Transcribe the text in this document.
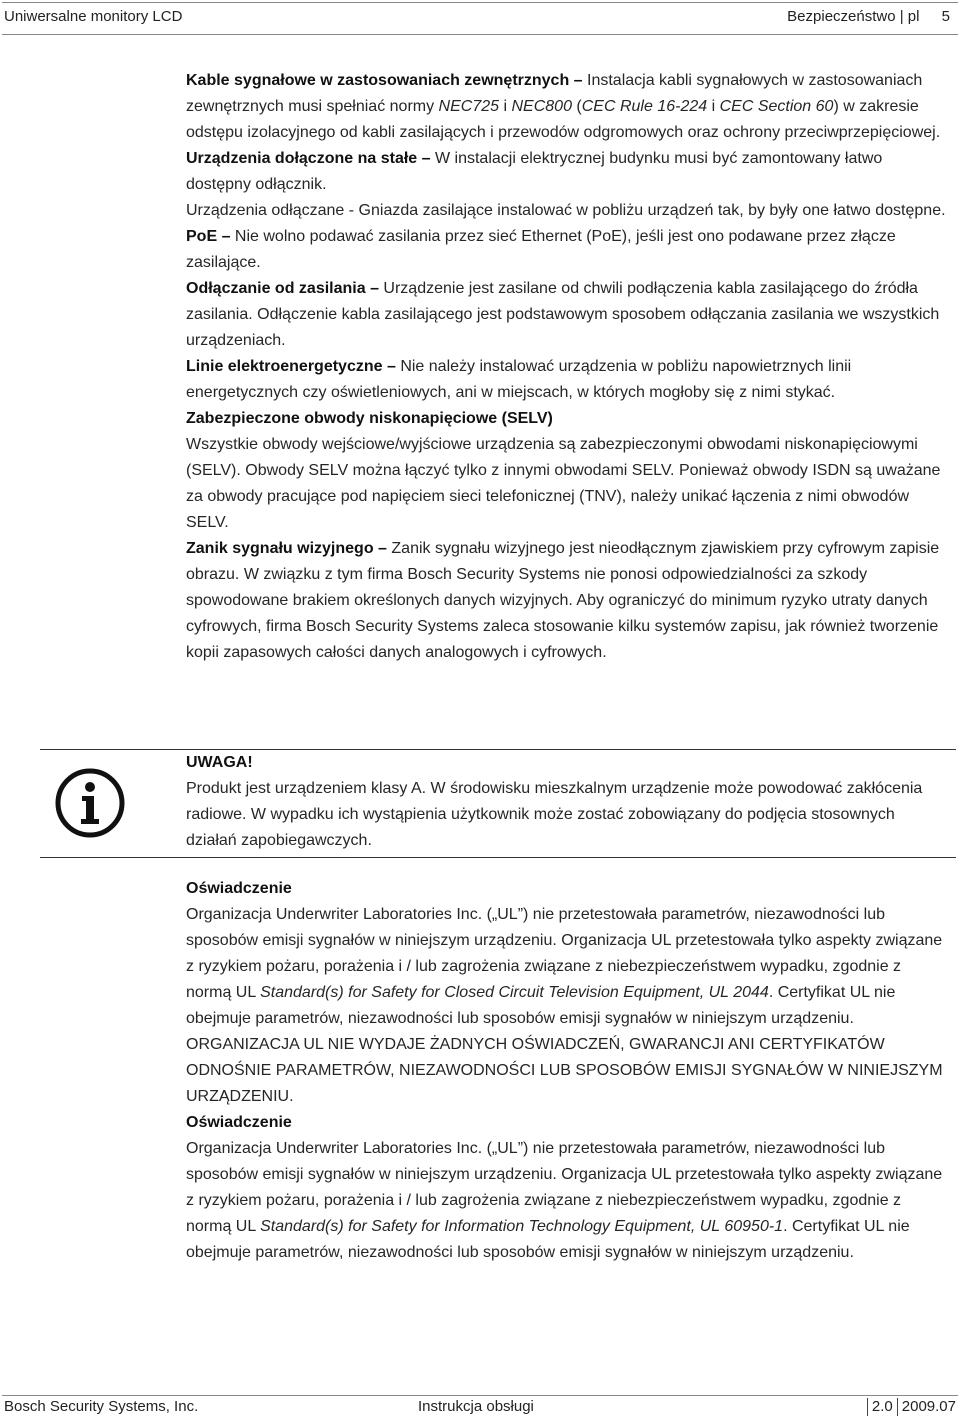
Uniwersalne monitory LCD	Bezpieczeństwo | pl 5

Kable sygnałowe w zastosowaniach zewnętrznych – Instalacja kabli sygnałowych w zastosowaniach zewnętrznych musi spełniać normy NEC725 i NEC800 (CEC Rule 16-224 i CEC Section 60) w zakresie odstępu izolacyjnego od kabli zasilających i przewodów odgromowych oraz ochrony przeciwprzepięciowej.

Urządzenia dołączone na stałe – W instalacji elektrycznej budynku musi być zamontowany łatwo dostępny odłącznik.

Urządzenia odłączane - Gniazda zasilające instalować w pobliżu urządzeń tak, by były one łatwo dostępne.

PoE – Nie wolno podawać zasilania przez sieć Ethernet (PoE), jeśli jest ono podawane przez złącze zasilające.

Odłączanie od zasilania – Urządzenie jest zasilane od chwili podłączenia kabla zasilającego do źródła zasilania. Odłączenie kabla zasilającego jest podstawowym sposobem odłączania zasilania we wszystkich urządzeniach.

Linie elektroenergetyczne – Nie należy instalować urządzenia w pobliżu napowietrznych linii energetycznych czy oświetleniowych, ani w miejscach, w których mogłoby się z nimi stykać.

Zabezpieczone obwody niskonapięciowe (SELV)

Wszystkie obwody wejściowe/wyjściowe urządzenia są zabezpieczonymi obwodami niskonapięciowymi (SELV). Obwody SELV można łączyć tylko z innymi obwodami SELV. Ponieważ obwody ISDN są uważane za obwody pracujące pod napięciem sieci telefonicznej (TNV), należy unikać łączenia z nimi obwodów SELV.

Zanik sygnału wizyjnego – Zanik sygnału wizyjnego jest nieodłącznym zjawiskiem przy cyfrowym zapisie obrazu. W związku z tym firma Bosch Security Systems nie ponosi odpowiedzialności za szkody spowodowane brakiem określonych danych wizyjnych. Aby ograniczyć do minimum ryzyko utraty danych cyfrowych, firma Bosch Security Systems zaleca stosowanie kilku systemów zapisu, jak również tworzenie kopii zapasowych całości danych analogowych i cyfrowych.

UWAGA!

Produkt jest urządzeniem klasy A. W środowisku mieszkalnym urządzenie może powodować zakłócenia radiowe. W wypadku ich wystąpienia użytkownik może zostać zobowiązany do podjęcia stosownych działań zapobiegawczych.

Oświadczenie

Organizacja Underwriter Laboratories Inc. („UL”) nie przetestowała parametrów, niezawodności lub sposobów emisji sygnałów w niniejszym urządzeniu. Organizacja UL przetestowała tylko aspekty związane z ryzykiem pożaru, porażenia i / lub zagrożenia związane z niebezpieczeństwem wypadku, zgodnie z normą UL Standard(s) for Safety for Closed Circuit Television Equipment, UL 2044. Certyfikat UL nie obejmuje parametrów, niezawodności lub sposobów emisji sygnałów w niniejszym urządzeniu.

ORGANIZACJA UL NIE WYDAJE ŻADNYCH OŚWIADCZEŃ, GWARANCJI ANI CERTYFIKATÓW ODNOŚNIE PARAMETRÓW, NIEZAWODNOŚCI LUB SPOSOBÓW EMISJI SYGNAŁÓW W NINIEJSZYM URZĄDZENIU.

Oświadczenie

Organizacja Underwriter Laboratories Inc. („UL”) nie przetestowała parametrów, niezawodności lub sposobów emisji sygnałów w niniejszym urządzeniu. Organizacja UL przetestowała tylko aspekty związane z ryzykiem pożaru, porażenia i / lub zagrożenia związane z niebezpieczeństwem wypadku, zgodnie z normą UL Standard(s) for Safety for Information Technology Equipment, UL 60950-1. Certyfikat UL nie obejmuje parametrów, niezawodności lub sposobów emisji sygnałów w niniejszym urządzeniu.

Bosch Security Systems, Inc.	Instrukcja obsługi	2.0 2009.07
